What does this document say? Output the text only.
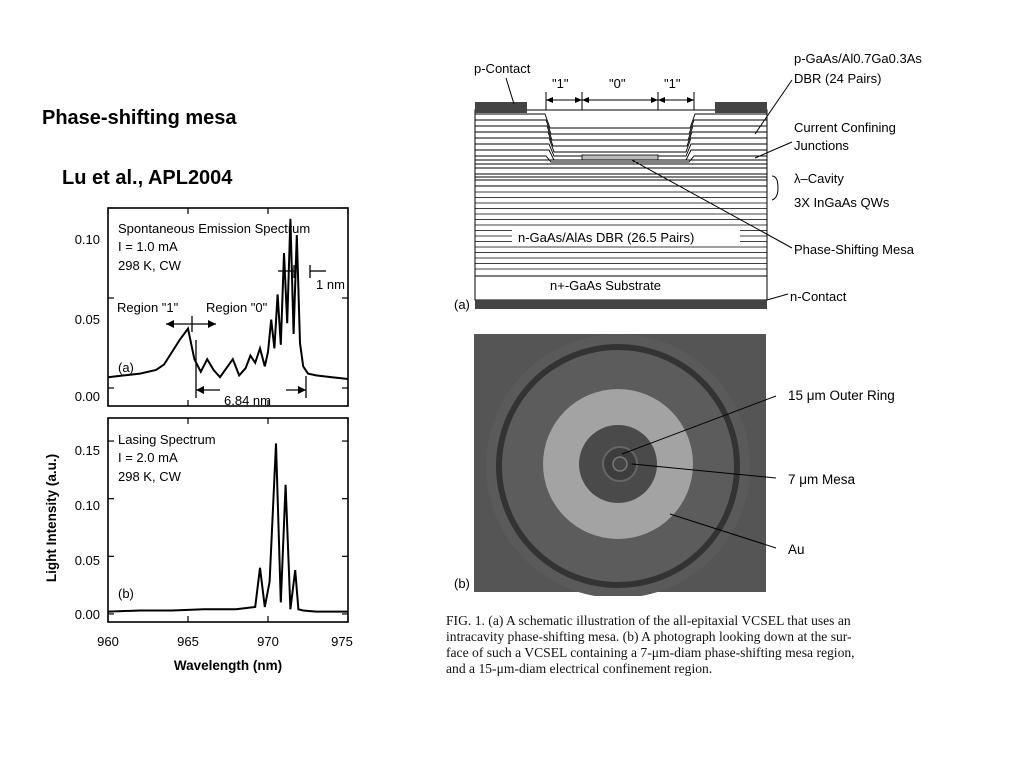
Phase-shifting mesa
Lu et al., APL2004
0.10
0.05
0.00
0.15
0.10
0.05
0.00
960	965	970	975
Wavelength (nm)
Light Intensity (a.u.)
Spontaneous Emission Spectrum
I = 1.0 mA
298 K, CW
Region "1" Region "0"
1 nm
6.84 nm
(a)
Lasing Spectrum
I = 2.0 mA
298 K, CW
(b)
p-Contact
"1"	"0"	"1"
p-GaAs/Al0.7Ga0.3As
DBR (24 Pairs)
Current Confining
Junctions
λ–Cavity
3X InGaAs QWs
n-GaAs/AlAs DBR (26.5 Pairs)
Phase-Shifting Mesa
n+-GaAs Substrate
n-Contact
(a)
15 μm Outer Ring
7 μm Mesa
Au
(b)
FIG. 1. (a) A schematic illustration of the all-epitaxial VCSEL that uses an
intracavity phase-shifting mesa. (b) A photograph looking down at the sur-
face of such a VCSEL containing a 7-μm-diam phase-shifting mesa region,
and a 15-μm-diam electrical confinement region.
